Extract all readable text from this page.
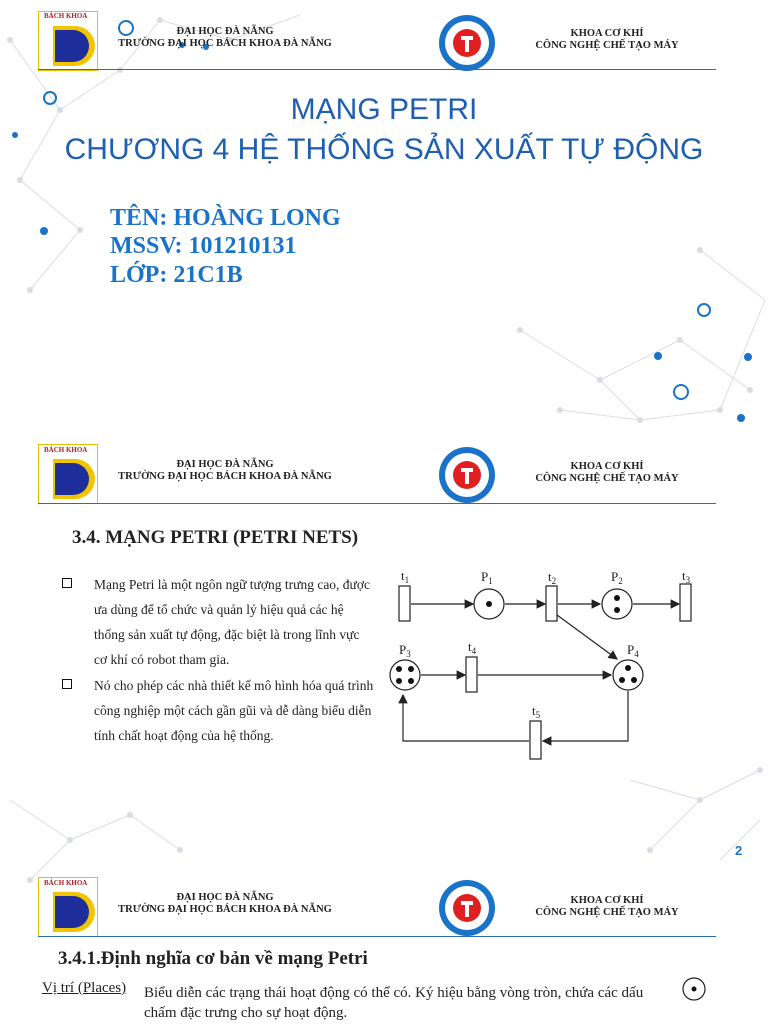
BÁCH KHOA
ĐẠI HỌC ĐÀ NẴNG
TRƯỜNG ĐẠI HỌC BÁCH KHOA ĐÀ NẴNG
KHOA CƠ KHÍ
CÔNG NGHỆ CHẾ TẠO MÁY
MẠNG PETRI
CHƯƠNG 4 HỆ THỐNG SẢN XUẤT TỰ ĐỘNG
TÊN: HOÀNG LONG
MSSV: 101210131
LỚP: 21C1B
BÁCH KHOA
ĐẠI HỌC ĐÀ NẴNG
TRƯỜNG ĐẠI HỌC BÁCH KHOA ĐÀ NẴNG
KHOA CƠ KHÍ
CÔNG NGHỆ CHẾ TẠO MÁY
3.4. MẠNG PETRI (PETRI NETS)
Mạng Petri là một ngôn ngữ tượng trưng cao, được ưa dùng để tổ chức và quản lý hiệu quả các hệ thống sản xuất tự động, đặc biệt là trong lĩnh vực cơ khí có robot tham gia.
Nó cho phép các nhà thiết kế mô hình hóa quá trình công nghiệp một cách gần gũi và dễ dàng biểu diễn tính chất hoạt động của hệ thống.
$t_1$	$P_1$	$t_2$	$P_2$	$t_3$
$P_3$	$t_4$	$P_4$
$t_5$
2
BÁCH KHOA
ĐẠI HỌC ĐÀ NẴNG
TRƯỜNG ĐẠI HỌC BÁCH KHOA ĐÀ NẴNG
KHOA CƠ KHÍ
CÔNG NGHỆ CHẾ TẠO MÁY
3.4.1.Định nghĩa cơ bản về mạng Petri
Vị trí (Places) Biểu diễn các trạng thái hoạt động có thể có. Ký hiệu bằng vòng tròn, chứa các dấu chấm đặc trưng cho sự hoạt động.
